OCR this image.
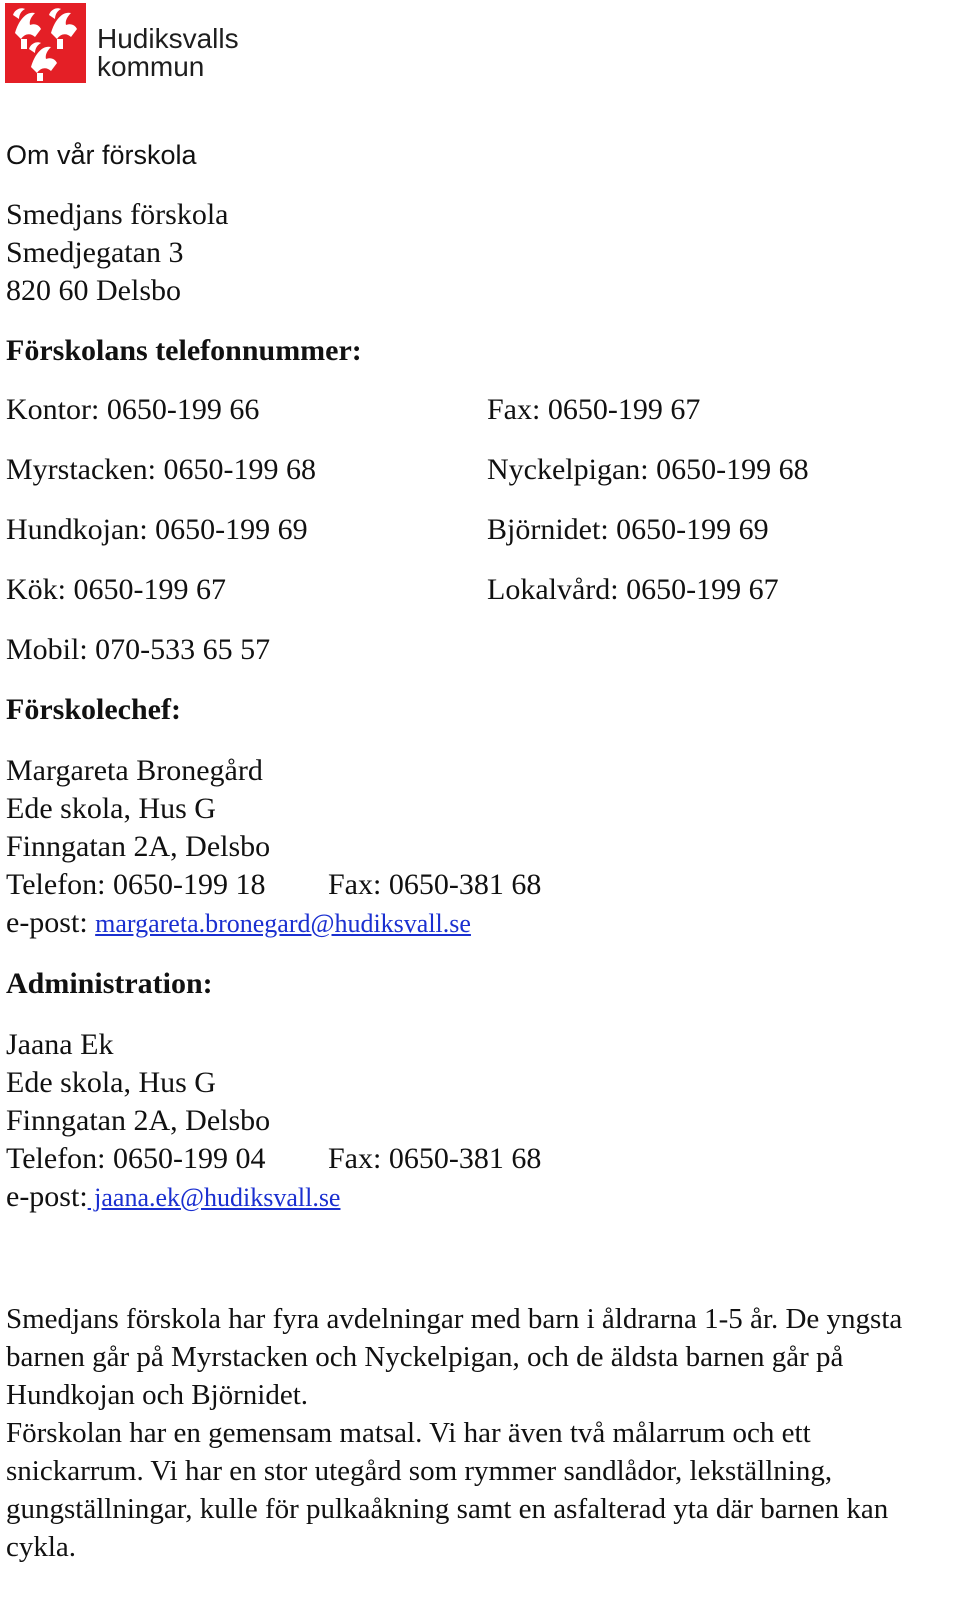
Hudiksvalls
kommun
Om vår förskola
Smedjans förskola
Smedjegatan 3
820 60 Delsbo
Förskolans telefonnummer:
Kontor: 0650-199 66	Fax: 0650-199 67
Myrstacken: 0650-199 68	Nyckelpigan: 0650-199 68
Hundkojan: 0650-199 69	Björnidet: 0650-199 69
Kök: 0650-199 67	Lokalvård: 0650-199 67
Mobil: 070-533 65 57
Förskolechef:
Margareta Bronegård
Ede skola, Hus G
Finngatan 2A, Delsbo
Telefon: 0650-199 18 Fax: 0650-381 68
e-post: margareta.bronegard@hudiksvall.se
Administration:
Jaana Ek
Ede skola, Hus G
Finngatan 2A, Delsbo
Telefon: 0650-199 04 Fax: 0650-381 68
e-post: jaana.ek@hudiksvall.se

Smedjans förskola har fyra avdelningar med barn i åldrarna 1-5 år. De yngsta barnen går på Myrstacken och Nyckelpigan, och de äldsta barnen går på Hundkojan och Björnidet.

Förskolan har en gemensam matsal. Vi har även två målarrum och ett snickarrum. Vi har en stor utegård som rymmer sandlådor, lekställning, gungställningar, kulle för pulkaåkning samt en asfalterad yta där barnen kan cykla.
